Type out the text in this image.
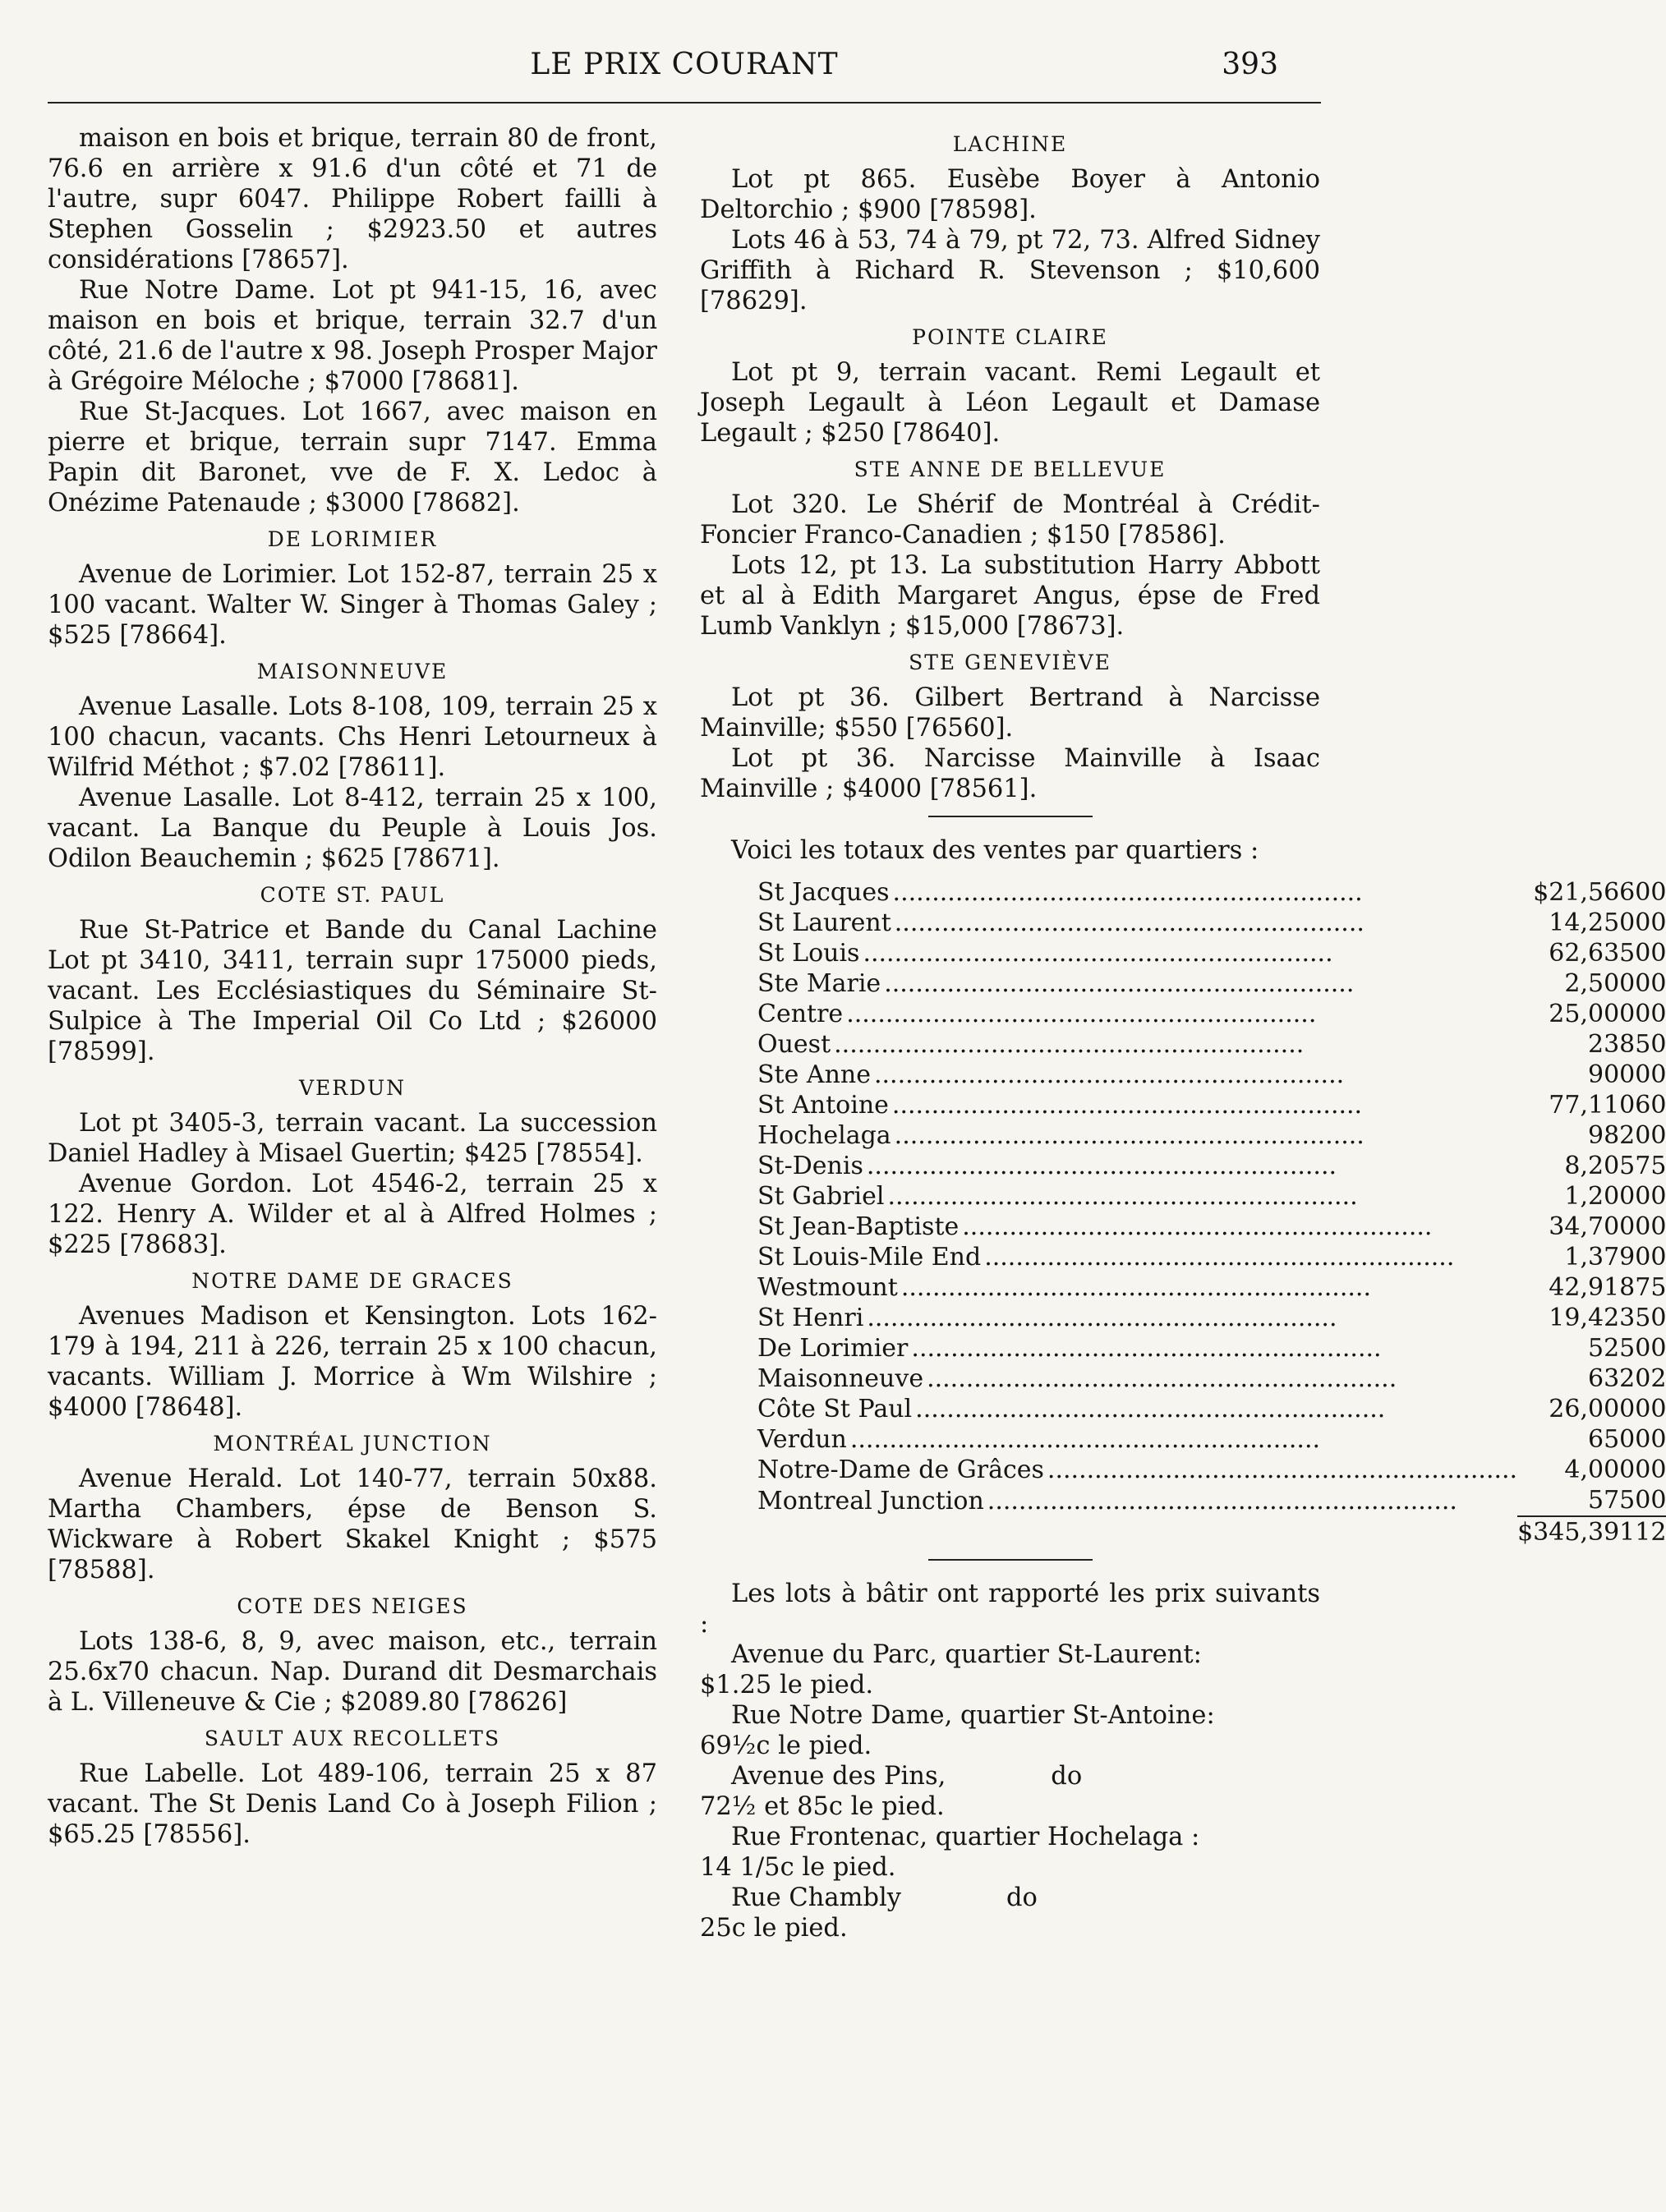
LE PRIX COURANT	393

maison en bois et brique, terrain 80 de front, 76.6 en arrière x 91.6 d'un côté et 71 de l'autre, supr 6047. Philippe Robert failli à Stephen Gosselin ; $2923.50 et autres considérations [78657].

Rue Notre Dame. Lot pt 941-15, 16, avec maison en bois et brique, terrain 32.7 d'un côté, 21.6 de l'autre x 98. Joseph Prosper Major à Grégoire Méloche ; $7000 [78681].

Rue St-Jacques. Lot 1667, avec maison en pierre et brique, terrain supr 7147. Emma Papin dit Baronet, vve de F. X. Ledoc à Onézime Patenaude ; $3000 [78682].

DE LORIMIER

Avenue de Lorimier. Lot 152-87, terrain 25 x 100 vacant. Walter W. Singer à Thomas Galey ; $525 [78664].

MAISONNEUVE

Avenue Lasalle. Lots 8-108, 109, terrain 25 x 100 chacun, vacants. Chs Henri Letourneux à Wilfrid Méthot ; $7.02 [78611].

Avenue Lasalle. Lot 8-412, terrain 25 x 100, vacant. La Banque du Peuple à Louis Jos. Odilon Beauchemin ; $625 [78671].

COTE ST. PAUL

Rue St-Patrice et Bande du Canal Lachine Lot pt 3410, 3411, terrain supr 175000 pieds, vacant. Les Ecclésiastiques du Séminaire St-Sulpice à The Imperial Oil Co Ltd ; $26000 [78599].

VERDUN

Lot pt 3405-3, terrain vacant. La succession Daniel Hadley à Misael Guertin; $425 [78554].

Avenue Gordon. Lot 4546-2, terrain 25 x 122. Henry A. Wilder et al à Alfred Holmes ; $225 [78683].

NOTRE DAME DE GRACES

Avenues Madison et Kensington. Lots 162-179 à 194, 211 à 226, terrain 25 x 100 chacun, vacants. William J. Morrice à Wm Wilshire ; $4000 [78648].

MONTRÉAL JUNCTION

Avenue Herald. Lot 140-77, terrain 50x88. Martha Chambers, épse de Benson S. Wickware à Robert Skakel Knight ; $575 [78588].

COTE DES NEIGES

Lots 138-6, 8, 9, avec maison, etc., terrain 25.6x70 chacun. Nap. Durand dit Desmarchais à L. Villeneuve & Cie ; $2089.80 [78626]

SAULT AUX RECOLLETS

Rue Labelle. Lot 489-106, terrain 25 x 87 vacant. The St Denis Land Co à Joseph Filion ; $65.25 [78556].

LACHINE

Lot pt 865. Eusèbe Boyer à Antonio Deltorchio ; $900 [78598].

Lots 46 à 53, 74 à 79, pt 72, 73. Alfred Sidney Griffith à Richard R. Stevenson ; $10,600 [78629].

POINTE CLAIRE

Lot pt 9, terrain vacant. Remi Legault et Joseph Legault à Léon Legault et Damase Legault ; $250 [78640].

STE ANNE DE BELLEVUE

Lot 320. Le Shérif de Montréal à Crédit-Foncier Franco-Canadien ; $150 [78586].

Lots 12, pt 13. La substitution Harry Abbott et al à Edith Margaret Angus, épse de Fred Lumb Vanklyn ; $15,000 [78673].

STE GENEVIÈVE

Lot pt 36. Gilbert Bertrand à Narcisse Mainville; $550 [76560].

Lot pt 36. Narcisse Mainville à Isaac Mainville ; $4000 [78561].

Voici les totaux des ventes par quartiers :

St Jacques ............................................................	$21,566	00

St Laurent ............................................................	14,250	00

St Louis ............................................................	62,635	00

Ste Marie ............................................................	2,500	00

Centre ............................................................	25,000	00

Ouest ............................................................	238	50

Ste Anne ............................................................	900	00

St Antoine ............................................................	77,110	60

Hochelaga ............................................................	982	00

St-Denis ............................................................	8,205	75

St Gabriel ............................................................	1,200	00

St Jean-Baptiste ............................................................	34,700	00

St Louis-Mile End ............................................................	1,379	00

Westmount ............................................................	42,918	75

St Henri ............................................................	19,423	50

De Lorimier ............................................................	525	00

Maisonneuve ............................................................	632	02

Côte St Paul ............................................................	26,000	00

Verdun ............................................................	650	00

Notre-Dame de Grâces ............................................................	4,000	00

Montreal Junction ............................................................	575	00

	$345,391	12

Les lots à bâtir ont rapporté les prix suivants :

Avenue du Parc, quartier St-Laurent:

$1.25 le pied.

Rue Notre Dame, quartier St-Antoine:

69½c le pied.

Avenue des Pins,	do

72½ et 85c le pied.

Rue Frontenac, quartier Hochelaga :

14 1/5c le pied.

Rue Chambly	do

25c le pied.
